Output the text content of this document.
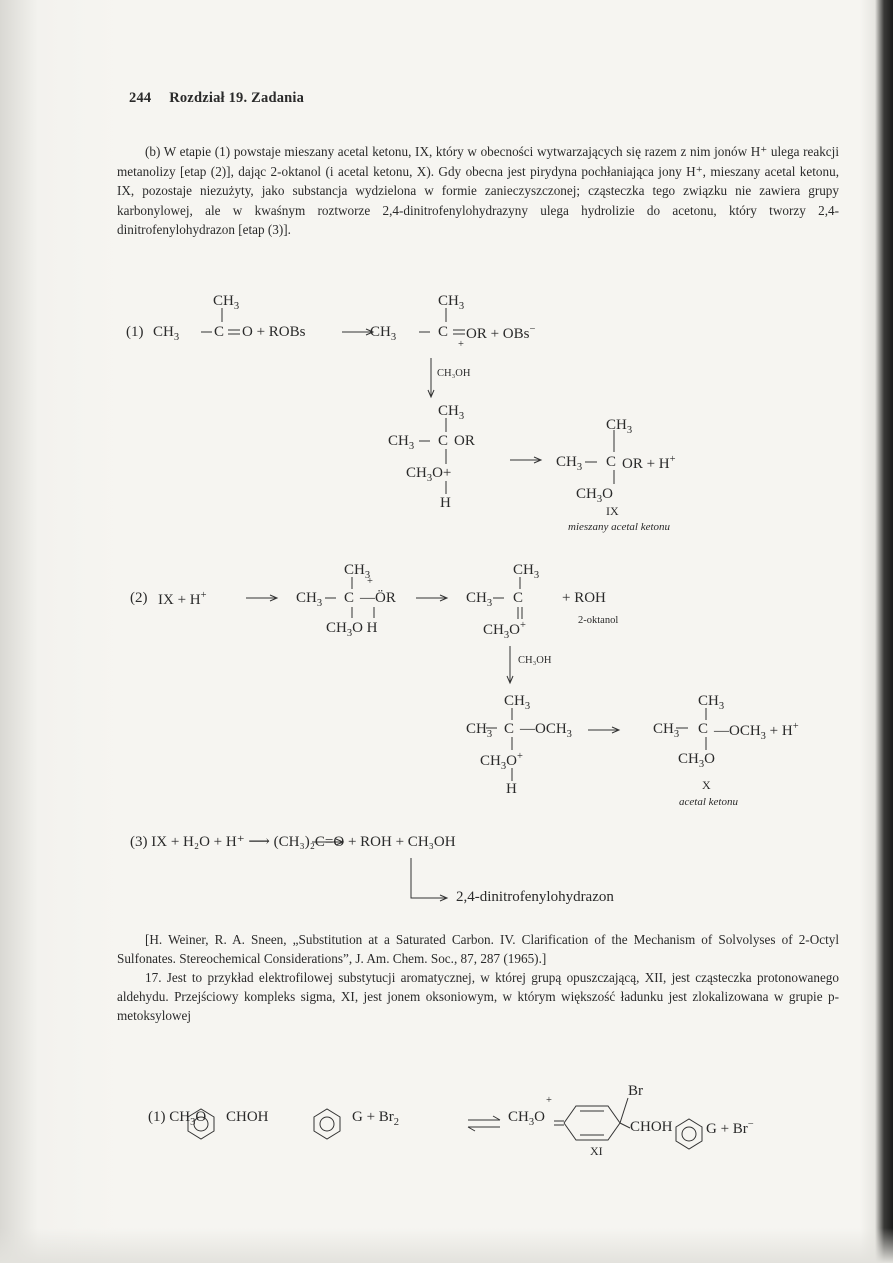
244 Rozdział 19. Zadania

(b) W etapie (1) powstaje mieszany acetal ketonu, IX, który w obecności wytwarzających się razem z nim jonów H⁺ ulega reakcji metanolizy [etap (2)], dając 2-oktanol (i acetal ketonu, X). Gdy obecna jest pirydyna pochłaniająca jony H⁺, mieszany acetal ketonu, IX, pozostaje niezużyty, jako substancja wydzielona w formie zanieczyszczonej; cząsteczka tego związku nie zawiera grupy karbonylowej, ale w kwaśnym roztworze 2,4-dinitrofenylohydrazyny ulega hydrolizie do acetonu, który tworzy 2,4-dinitrofenylohydrazon [etap (3)].

$CH_3$
(1) $CH_3$ C O + ROBs
$CH_3$
$CH_3$	C OR + OBs−
+
CH₃OH
$CH_3$
$CH_3$ C OR
$CH_3O+$
H
$CH_3$
$CH_3$ C OR + H+
$CH_3O$
IX
mieszany acetal ketonu
$CH_3$
(2) IX + H+	$CH_3$ C —ÖR
+
$CH_3O$ H
$CH_3$
$CH_3$ C	+ ROH
$CH_3O^+$	2-oktanol
CH₃OH
$CH_3$
$CH_3$ C $—OCH_3$
$CH_3O^+$
H
$CH_3$
$CH_3$ C $—OCH_3 + H^+$
$CH_3O$
X
acetal ketonu
(3) IX + H₂O + H⁺ ⟶ (CH₃)₂C=O + ROH + CH₃OH
2,4-dinitrofenylohydrazon

[H. Weiner, R. A. Sneen, „Substitution at a Saturated Carbon. IV. Clarification of the Mechanism of Solvolyses of 2-Octyl Sulfonates. Stereochemical Considerations”, J. Am. Chem. Soc., 87, 287 (1965).]

17. Jest to przykład elektrofilowej substytucji aromatycznej, w której grupą opuszczającą, XII, jest cząsteczka protonowanego aldehydu. Przejściowy kompleks sigma, XI, jest jonem oksoniowym, w którym większość ładunku jest zlokalizowana w grupie p-metoksylowej

(1) $CH_3O$ CHOH	$G + Br_2$	$CH_3O$
+
Br
CHOH G + Br−
XI
